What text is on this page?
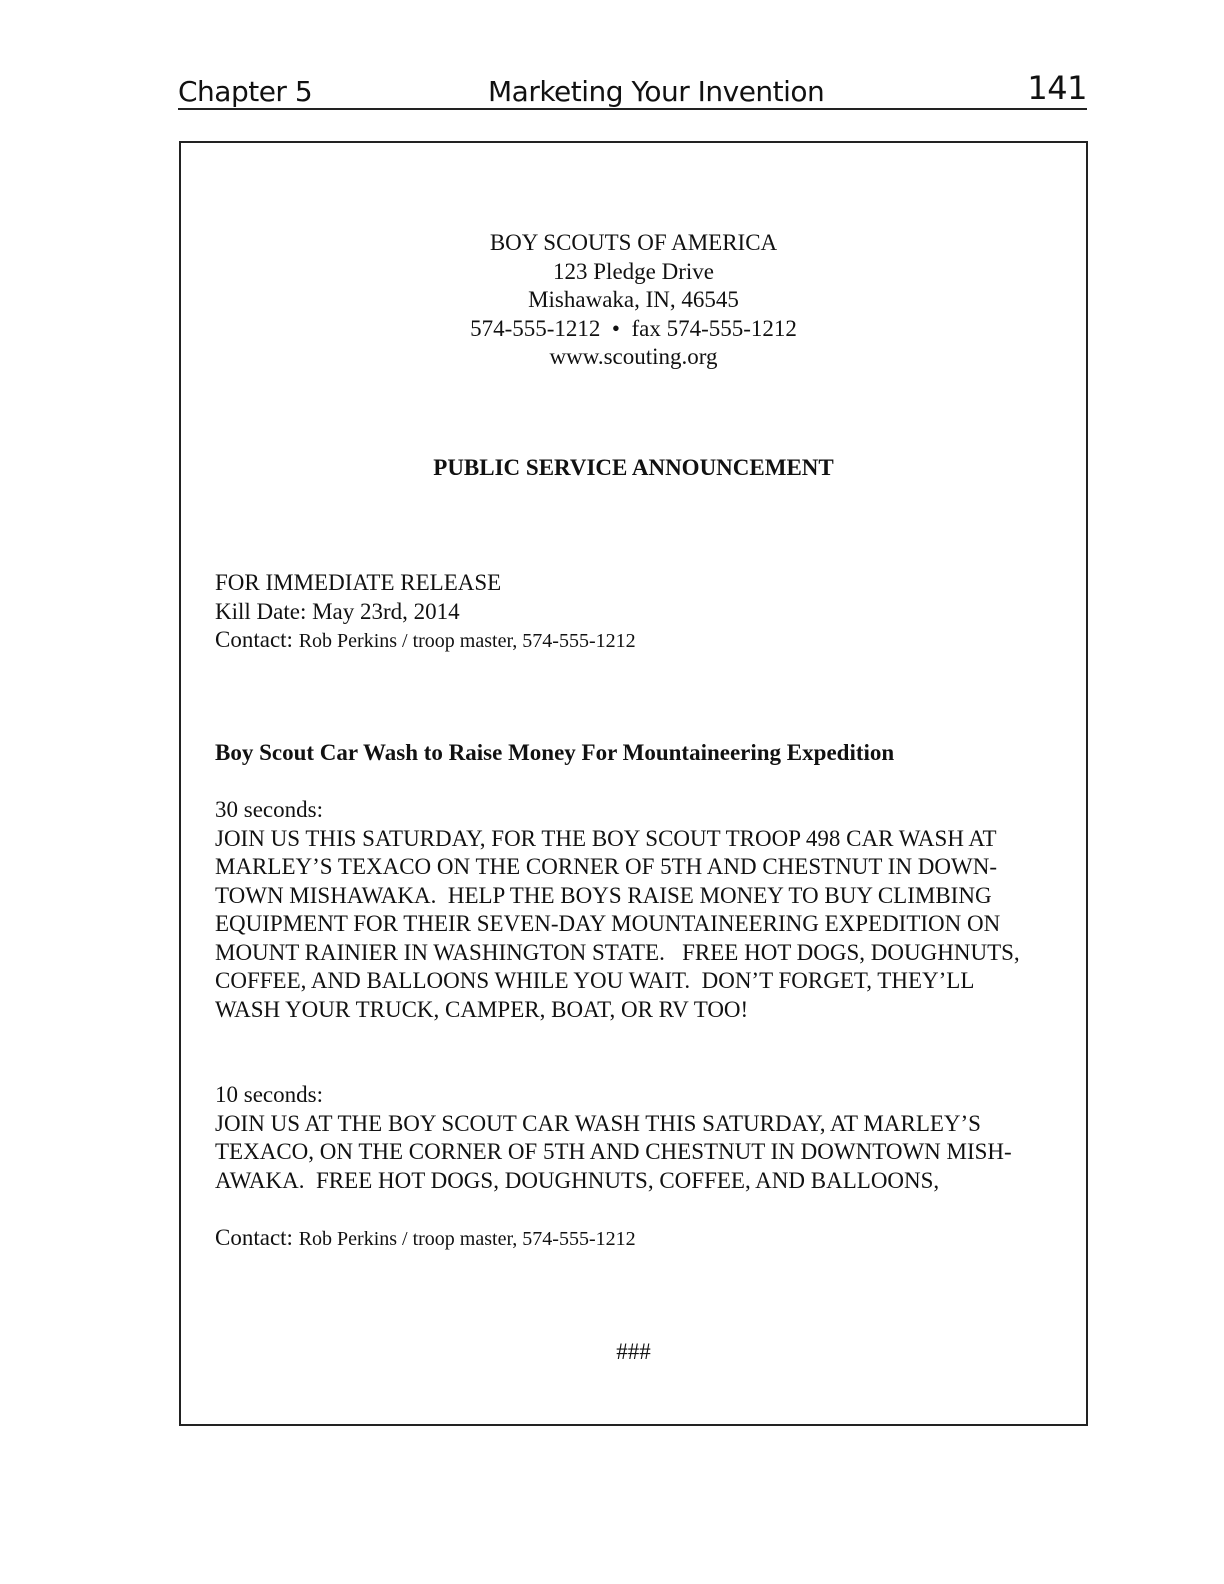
Chapter 5	Marketing Your Invention	141
BOY SCOUTS OF AMERICA
123 Pledge Drive
Mishawaka, IN, 46545
574-555-1212  •  fax 574-555-1212
www.scouting.org
PUBLIC SERVICE ANNOUNCEMENT
FOR IMMEDIATE RELEASE
Kill Date: May 23rd, 2014
Contact: Rob Perkins / troop master, 574-555-1212
Boy Scout Car Wash to Raise Money For Mountaineering Expedition
30 seconds:
JOIN US THIS SATURDAY, FOR THE BOY SCOUT TROOP 498 CAR WASH AT
MARLEY’S TEXACO ON THE CORNER OF 5TH AND CHESTNUT IN DOWN-
TOWN MISHAWAKA.  HELP THE BOYS RAISE MONEY TO BUY CLIMBING
EQUIPMENT FOR THEIR SEVEN-DAY MOUNTAINEERING EXPEDITION ON
MOUNT RAINIER IN WASHINGTON STATE.   FREE HOT DOGS, DOUGHNUTS,
COFFEE, AND BALLOONS WHILE YOU WAIT.  DON’T FORGET, THEY’LL
WASH YOUR TRUCK, CAMPER, BOAT, OR RV TOO!
10 seconds:
JOIN US AT THE BOY SCOUT CAR WASH THIS SATURDAY, AT MARLEY’S
TEXACO, ON THE CORNER OF 5TH AND CHESTNUT IN DOWNTOWN MISH-
AWAKA.  FREE HOT DOGS, DOUGHNUTS, COFFEE, AND BALLOONS,
Contact: Rob Perkins / troop master, 574-555-1212
###
